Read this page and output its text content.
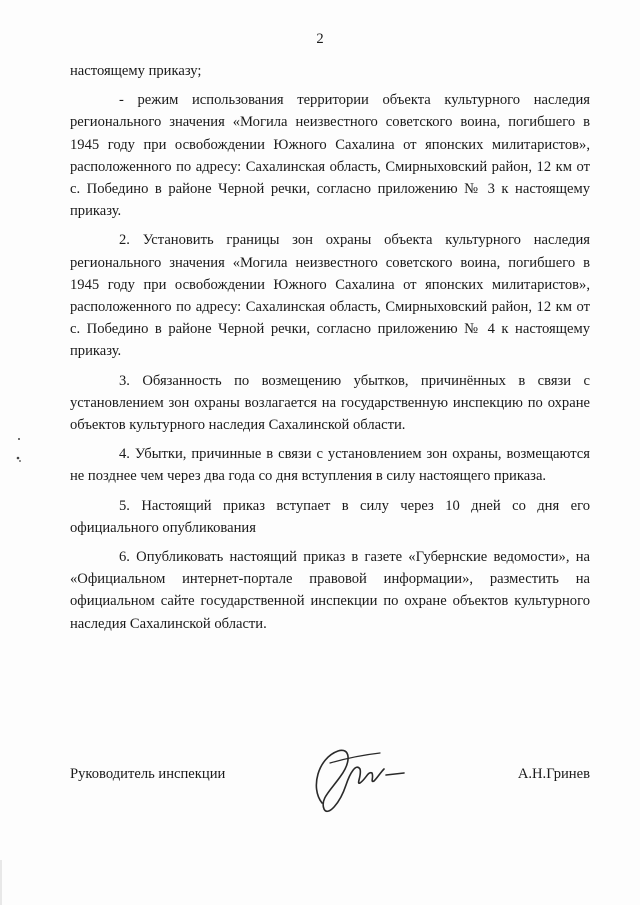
2

настоящему приказу;

- режим использования территории объекта культурного наследия регионального значения «Могила неизвестного советского воина, погибшего в 1945 году при освобождении Южного Сахалина от японских милитаристов», расположенного по адресу: Сахалинская область, Смирныховский район, 12 км от с. Победино в районе Черной речки, согласно приложению № 3 к настоящему приказу.

2. Установить границы зон охраны объекта культурного наследия регионального значения «Могила неизвестного советского воина, погибшего в 1945 году при освобождении Южного Сахалина от японских милитаристов», расположенного по адресу: Сахалинская область, Смирныховский район, 12 км от с. Победино в районе Черной речки, согласно приложению № 4 к настоящему приказу.

3. Обязанность по возмещению убытков, причинённых в связи с установлением зон охраны возлагается на государственную инспекцию по охране объектов культурного наследия Сахалинской области.

4. Убытки, причинные в связи с установлением зон охраны, возмещаются не позднее чем через два года со дня вступления в силу настоящего приказа.

5. Настоящий приказ вступает в силу через 10 дней со дня его официального опубликования

6. Опубликовать настоящий приказ в газете «Губернские ведомости», на «Официальном интернет-портале правовой информации», разместить на официальном сайте государственной инспекции по охране объектов культурного наследия Сахалинской области.

Руководитель инспекции	А.Н.Гринев
